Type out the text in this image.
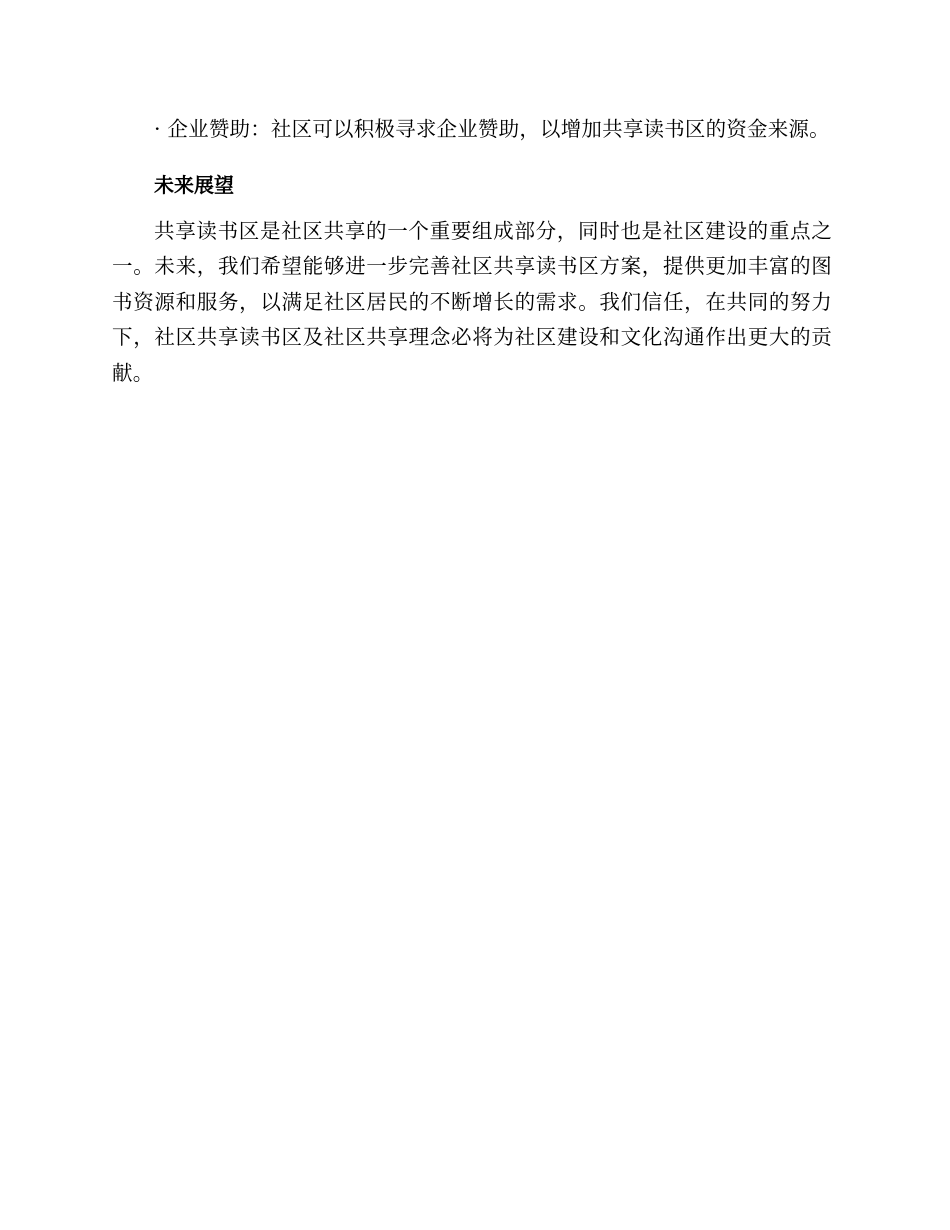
· 企业赞助：社区可以积极寻求企业赞助，以增加共享读书区的资金来源。

未来展望

共享读书区是社区共享的一个重要组成部分，同时也是社区建设的重点之一。未来，我们希望能够进一步完善社区共享读书区方案，提供更加丰富的图书资源和服务，以满足社区居民的不断增长的需求。我们信任，在共同的努力下，社区共享读书区及社区共享理念必将为社区建设和文化沟通作出更大的贡献。
